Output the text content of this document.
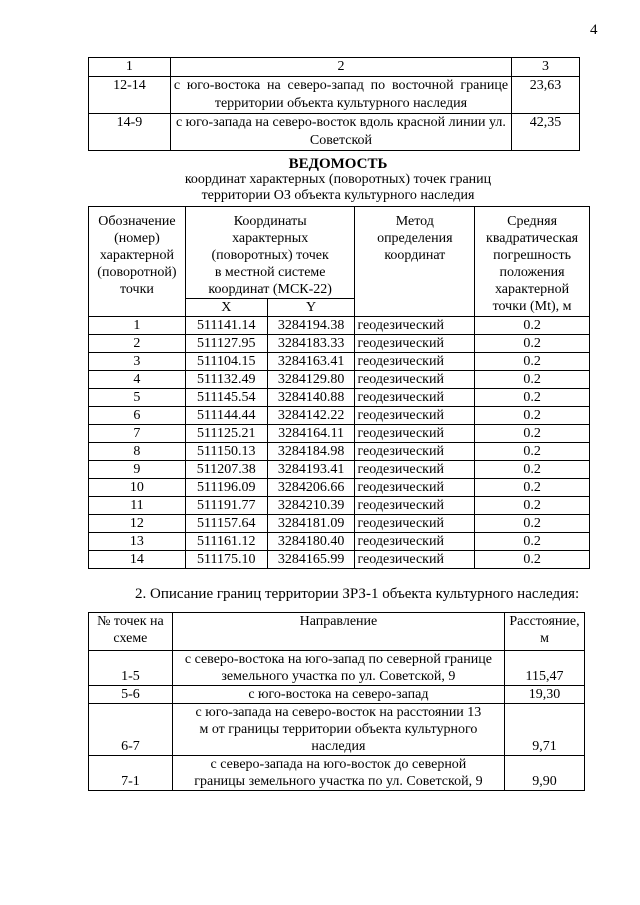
4
1	2	3
12-14	с юго-востока на северо-запад по восточной границе территории объекта культурного наследия	23,63
14-9	с юго-запада на северо-восток вдоль красной линии ул. Советской	42,35
ВЕДОМОСТЬ
координат характерных (поворотных) точек границ
территории ОЗ объекта культурного наследия
Обозначение (номер) характерной (поворотной) точки	Координаты характерных (поворотных) точек в местной системе координат (МСК-22)		Метод определения координат	Средняя квадратическая погрешность положения характерной точки (Mt), м
	X	Y		
1	511141.14	3284194.38	геодезический	0.2
2	511127.95	3284183.33	геодезический	0.2
3	511104.15	3284163.41	геодезический	0.2
4	511132.49	3284129.80	геодезический	0.2
5	511145.54	3284140.88	геодезический	0.2
6	511144.44	3284142.22	геодезический	0.2
7	511125.21	3284164.11	геодезический	0.2
8	511150.13	3284184.98	геодезический	0.2
9	511207.38	3284193.41	геодезический	0.2
10	511196.09	3284206.66	геодезический	0.2
11	511191.77	3284210.39	геодезический	0.2
12	511157.64	3284181.09	геодезический	0.2
13	511161.12	3284180.40	геодезический	0.2
14	511175.10	3284165.99	геодезический	0.2
2. Описание границ территории ЗРЗ-1 объекта культурного наследия:
№ точек на схеме	Направление	Расстояние, м
1-5	с северо-востока на юго-запад по северной границе земельного участка по ул. Советской, 9	115,47
5-6	с юго-востока на северо-запад	19,30
6-7	с юго-запада на северо-восток на расстоянии 13 м от границы территории объекта культурного наследия	9,71
7-1	с северо-запада на юго-восток до северной границы земельного участка по ул. Советской, 9	9,90
